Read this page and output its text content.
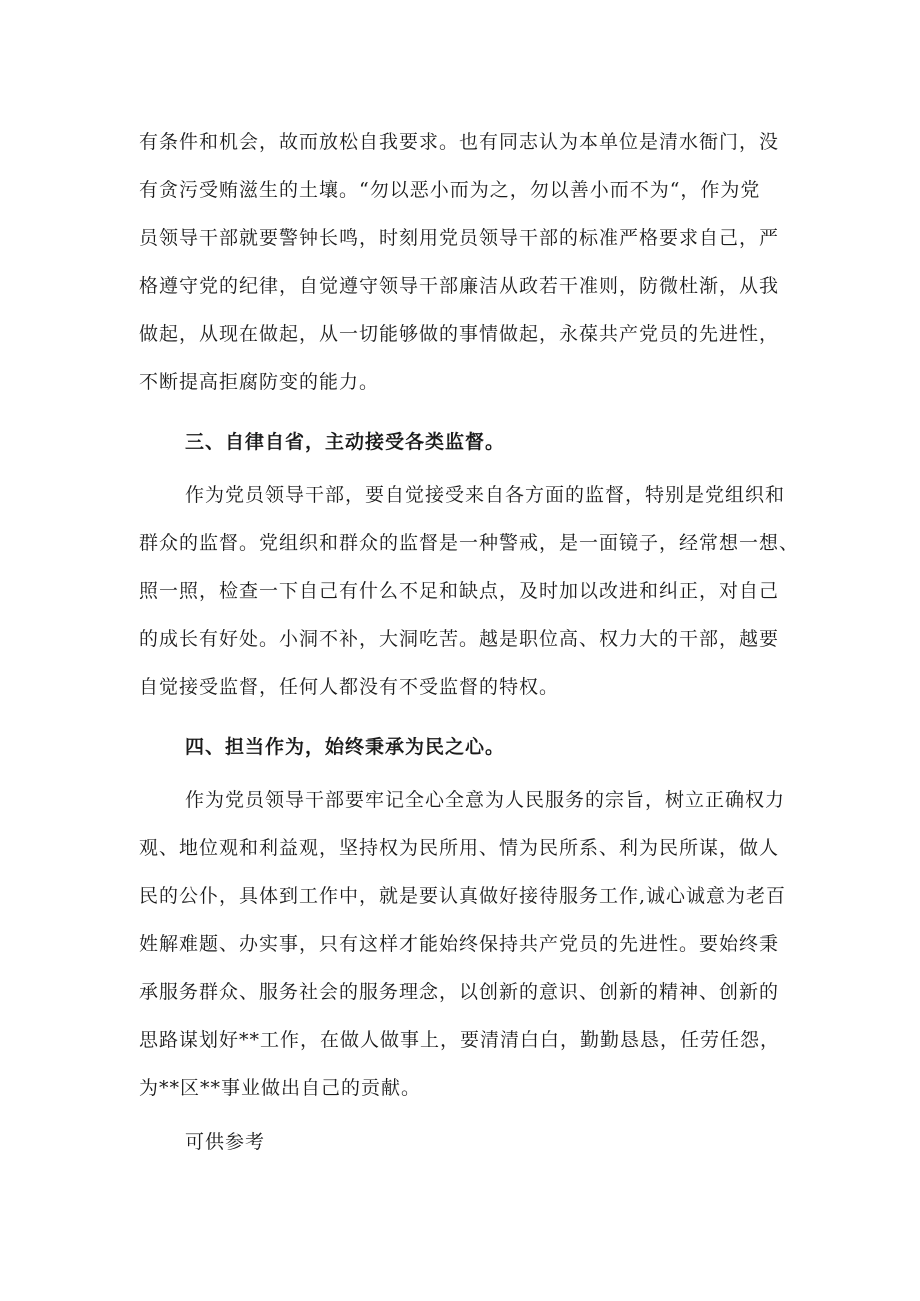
有条件和机会，故而放松自我要求。也有同志认为本单位是清水衙门，没
有贪污受贿滋生的土壤。“勿以恶小而为之，勿以善小而不为“，作为党
员领导干部就要警钟长鸣，时刻用党员领导干部的标准严格要求自己，严
格遵守党的纪律，自觉遵守领导干部廉洁从政若干准则，防微杜渐，从我
做起，从现在做起，从一切能够做的事情做起，永葆共产党员的先进性，
不断提高拒腐防变的能力。
三、自律自省，主动接受各类监督。
作为党员领导干部，要自觉接受来自各方面的监督，特别是党组织和
群众的监督。党组织和群众的监督是一种警戒，是一面镜子，经常想一想、
照一照，检查一下自己有什么不足和缺点，及时加以改进和纠正，对自己
的成长有好处。小洞不补，大洞吃苦。越是职位高、权力大的干部，越要
自觉接受监督，任何人都没有不受监督的特权。
四、担当作为，始终秉承为民之心。
作为党员领导干部要牢记全心全意为人民服务的宗旨，树立正确权力
观、地位观和利益观，坚持权为民所用、情为民所系、利为民所谋，做人
民的公仆，具体到工作中，就是要认真做好接待服务工作,诚心诚意为老百
姓解难题、办实事，只有这样才能始终保持共产党员的先进性。要始终秉
承服务群众、服务社会的服务理念，以创新的意识、创新的精神、创新的
思路谋划好**工作，在做人做事上，要清清白白，勤勤恳恳，任劳任怨，
为**区**事业做出自己的贡献。
可供参考
